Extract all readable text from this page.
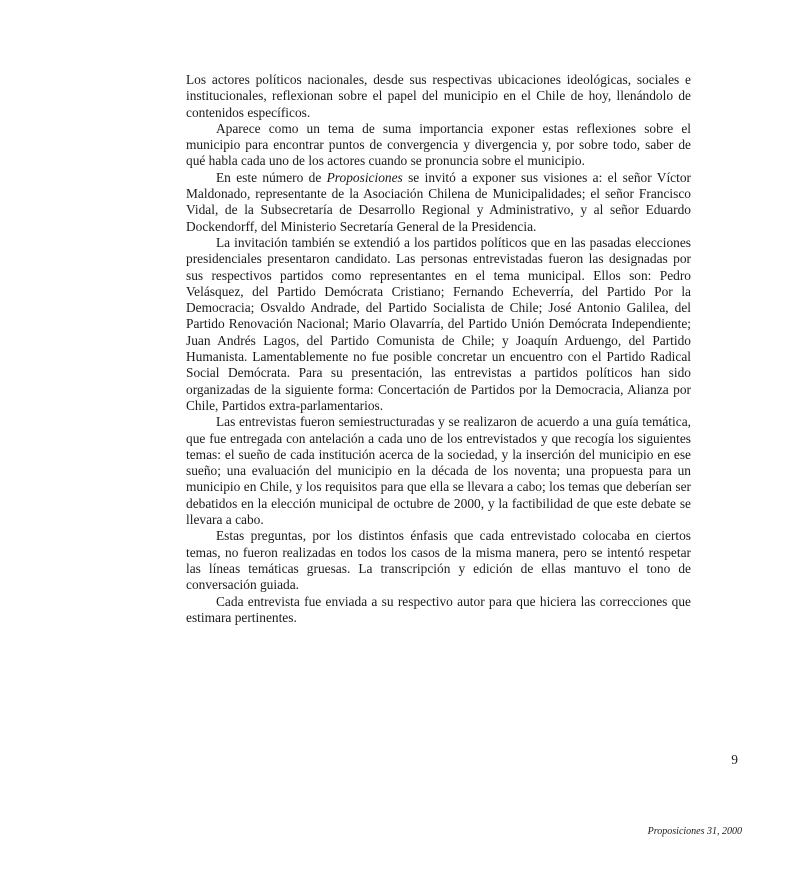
Los actores políticos nacionales, desde sus respectivas ubicaciones ideológicas, sociales e institucionales, reflexionan sobre el papel del municipio en el Chile de hoy, llenándolo de contenidos específicos.

Aparece como un tema de suma importancia exponer estas reflexiones sobre el municipio para encontrar puntos de convergencia y divergencia y, por sobre todo, saber de qué habla cada uno de los actores cuando se pronuncia sobre el municipio.

En este número de Proposiciones se invitó a exponer sus visiones a: el señor Víctor Maldonado, representante de la Asociación Chilena de Municipalidades; el señor Francisco Vidal, de la Subsecretaría de Desarrollo Regional y Administrativo, y al señor Eduardo Dockendorff, del Ministerio Secretaría General de la Presidencia.

La invitación también se extendió a los partidos políticos que en las pasadas elecciones presidenciales presentaron candidato. Las personas entrevistadas fueron las designadas por sus respectivos partidos como representantes en el tema municipal. Ellos son: Pedro Velásquez, del Partido Demócrata Cristiano; Fernando Echeverría, del Partido Por la Democracia; Osvaldo Andrade, del Partido Socialista de Chile; José Antonio Galilea, del Partido Renovación Nacional; Mario Olavarría, del Partido Unión Demócrata Independiente; Juan Andrés Lagos, del Partido Comunista de Chile; y Joaquín Arduengo, del Partido Humanista. Lamentablemente no fue posible concretar un encuentro con el Partido Radical Social Demócrata. Para su presentación, las entrevistas a partidos políticos han sido organizadas de la siguiente forma: Concertación de Partidos por la Democracia, Alianza por Chile, Partidos extra-parlamentarios.

Las entrevistas fueron semiestructuradas y se realizaron de acuerdo a una guía temática, que fue entregada con antelación a cada uno de los entrevistados y que recogía los siguientes temas: el sueño de cada institución acerca de la sociedad, y la inserción del municipio en ese sueño; una evaluación del municipio en la década de los noventa; una propuesta para un municipio en Chile, y los requisitos para que ella se llevara a cabo; los temas que deberían ser debatidos en la elección municipal de octubre de 2000, y la factibilidad de que este debate se llevara a cabo.

Estas preguntas, por los distintos énfasis que cada entrevistado colocaba en ciertos temas, no fueron realizadas en todos los casos de la misma manera, pero se intentó respetar las líneas temáticas gruesas. La transcripción y edición de ellas mantuvo el tono de conversación guiada.

Cada entrevista fue enviada a su respectivo autor para que hiciera las correcciones que estimara pertinentes.

9
Proposiciones 31, 2000
